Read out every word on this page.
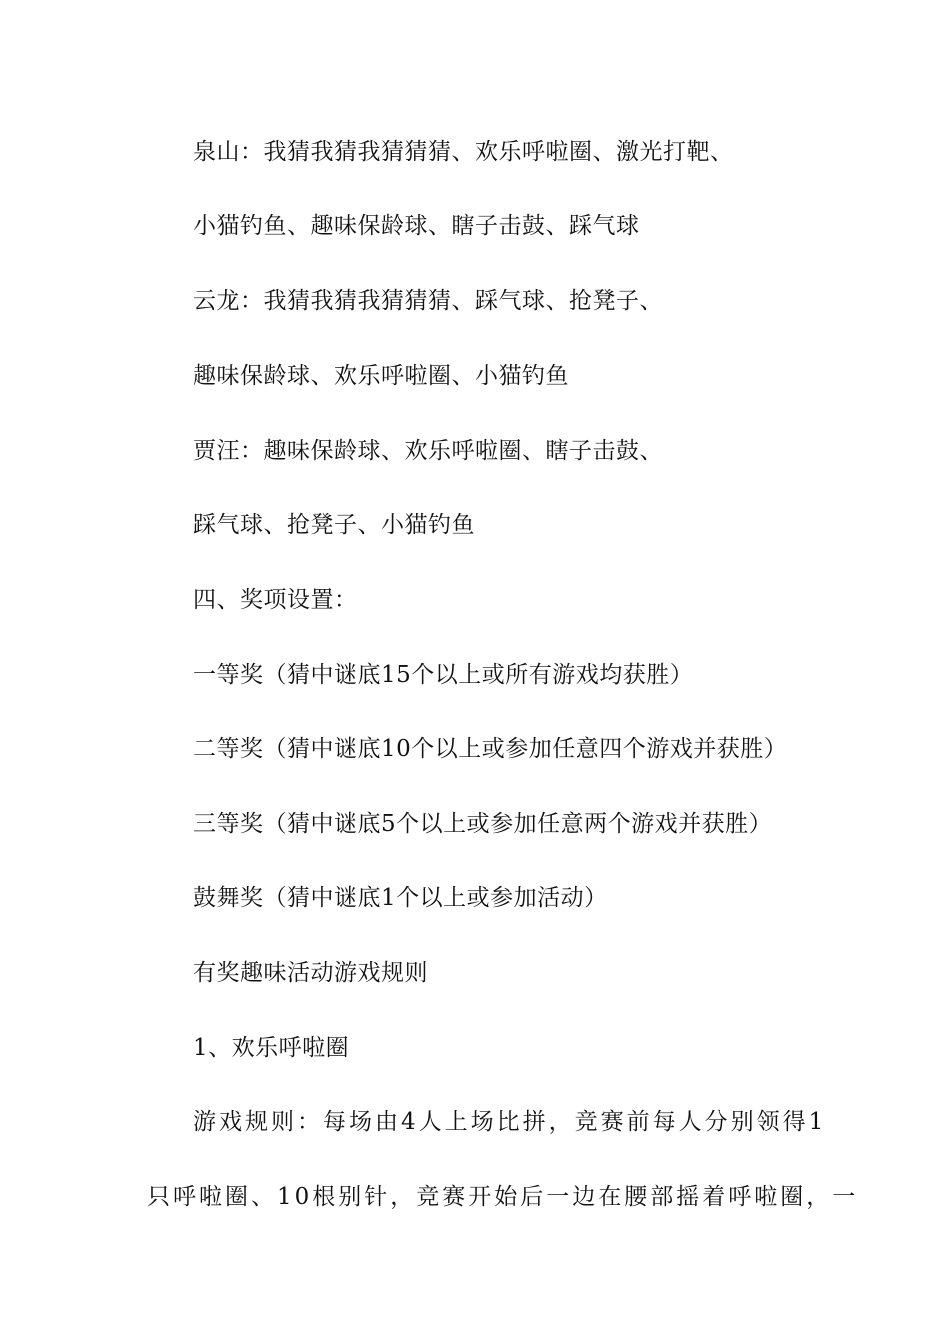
泉山：我猜我猜我猜猜猜、欢乐呼啦圈、激光打靶、
小猫钓鱼、趣味保龄球、瞎子击鼓、踩气球
云龙：我猜我猜我猜猜猜、踩气球、抢凳子、
趣味保龄球、欢乐呼啦圈、小猫钓鱼
贾汪：趣味保龄球、欢乐呼啦圈、瞎子击鼓、
踩气球、抢凳子、小猫钓鱼
四、奖项设置：
一等奖（猜中谜底15个以上或所有游戏均获胜）
二等奖（猜中谜底10个以上或参加任意四个游戏并获胜）
三等奖（猜中谜底5个以上或参加任意两个游戏并获胜）
鼓舞奖（猜中谜底1个以上或参加活动）
有奖趣味活动游戏规则
1、欢乐呼啦圈
游戏规则：每场由4人上场比拼，竞赛前每人分别领得1
只呼啦圈、10根别针，竞赛开始后一边在腰部摇着呼啦圈，一
